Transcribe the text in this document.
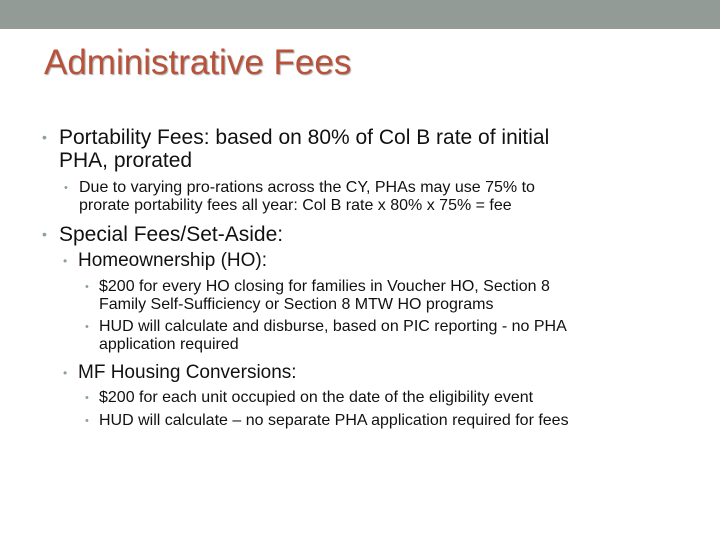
Administrative Fees
• Portability Fees: based on 80% of Col B rate of initial
PHA, prorated
• Due to varying pro-rations across the CY, PHAs may use 75% to
prorate portability fees all year: Col B rate x 80% x 75% = fee
• Special Fees/Set-Aside:
• Homeownership (HO):
• $200 for every HO closing for families in Voucher HO, Section 8
Family Self-Sufficiency or Section 8 MTW HO programs
• HUD will calculate and disburse, based on PIC reporting - no PHA
application required
• MF Housing Conversions:
• $200 for each unit occupied on the date of the eligibility event
• HUD will calculate – no separate PHA application required for fees
